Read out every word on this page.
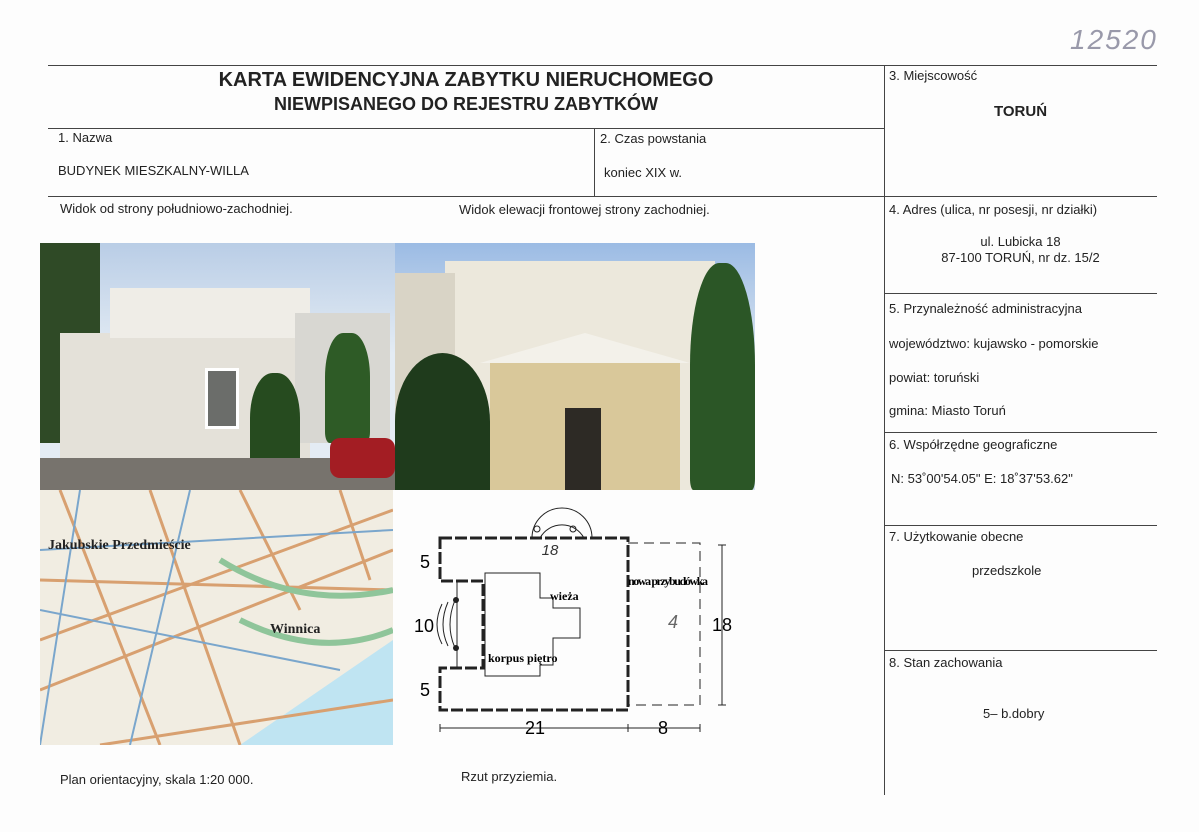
12520
KARTA EWIDENCYJNA ZABYTKU NIERUCHOMEGO
NIEWPISANEGO DO REJESTRU ZABYTKÓW
1. Nazwa
BUDYNEK MIESZKALNY-WILLA
2. Czas powstania
koniec XIX w.
3. Miejscowość
TORUŃ
4. Adres (ulica, nr posesji, nr działki)
ul. Lubicka 18
87-100 TORUŃ, nr dz. 15/2
5. Przynależność administracyjna
województwo: kujawsko - pomorskie
powiat: toruński
gmina: Miasto Toruń
6. Współrzędne geograficzne
N: 53˚00'54.05" E: 18˚37'53.62"
7. Użytkowanie obecne
przedszkole
8. Stan zachowania
5– b.dobry
Widok od strony południowo-zachodniej.	Widok elewacji frontowej strony zachodniej.
Jakubskie Przedmieście
Winnica
18
wieża
korpus piętro
nowa przybudówka
4
5
10
5
21	8
18
Plan orientacyjny, skala 1:20 000.	Rzut przyziemia.
